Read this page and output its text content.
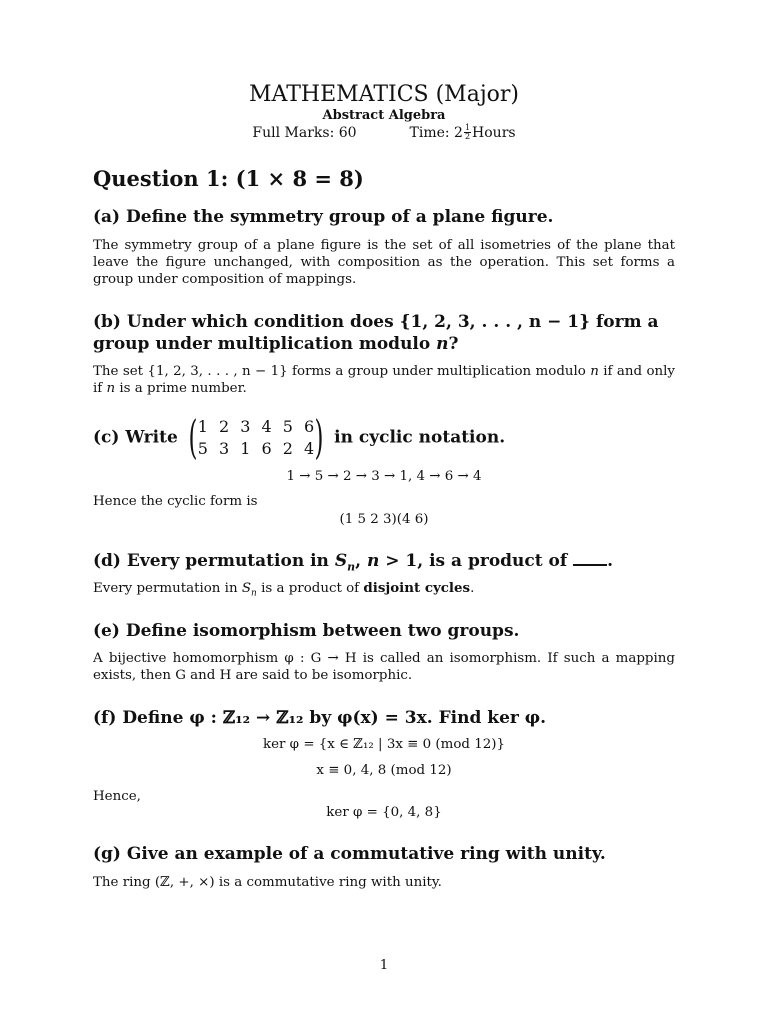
MATHEMATICS (Major)
Abstract Algebra
Full Marks: 60	Time: $2 \frac{1}{2}$ Hours
Question 1: (1 × 8 = 8)
(a) Define the symmetry group of a plane figure.
The symmetry group of a plane figure is the set of all isometries of the plane that leave the figure unchanged, with composition as the operation. This set forms a group under composition of mappings.
(b) Under which condition does {1, 2, 3, . . . , n − 1} form a group under multiplication modulo n?
The set {1, 2, 3, . . . , n − 1} forms a group under multiplication modulo n if and only if n is a prime number.
(c) Write ( 1 2 3 4 5 6
5 3 1 6 2 4 ) in cyclic notation.
1 → 5 → 2 → 3 → 1, 4 → 6 → 4
Hence the cyclic form is
(1 5 2 3)(4 6)
(d) Every permutation in $S_n$, n > 1, is a product of .
Every permutation in $S_n$ is a product of disjoint cycles.
(e) Define isomorphism between two groups.
A bijective homomorphism φ : G → H is called an isomorphism. If such a mapping exists, then G and H are said to be isomorphic.
(f) Define φ : ℤ₁₂ → ℤ₁₂ by φ(x) = 3x. Find ker φ.
ker φ = {x ∈ ℤ₁₂ | 3x ≡ 0 (mod 12)}
x ≡ 0, 4, 8 (mod 12)
Hence,
ker φ = {0, 4, 8}
(g) Give an example of a commutative ring with unity.
The ring (ℤ, +, ×) is a commutative ring with unity.
1
